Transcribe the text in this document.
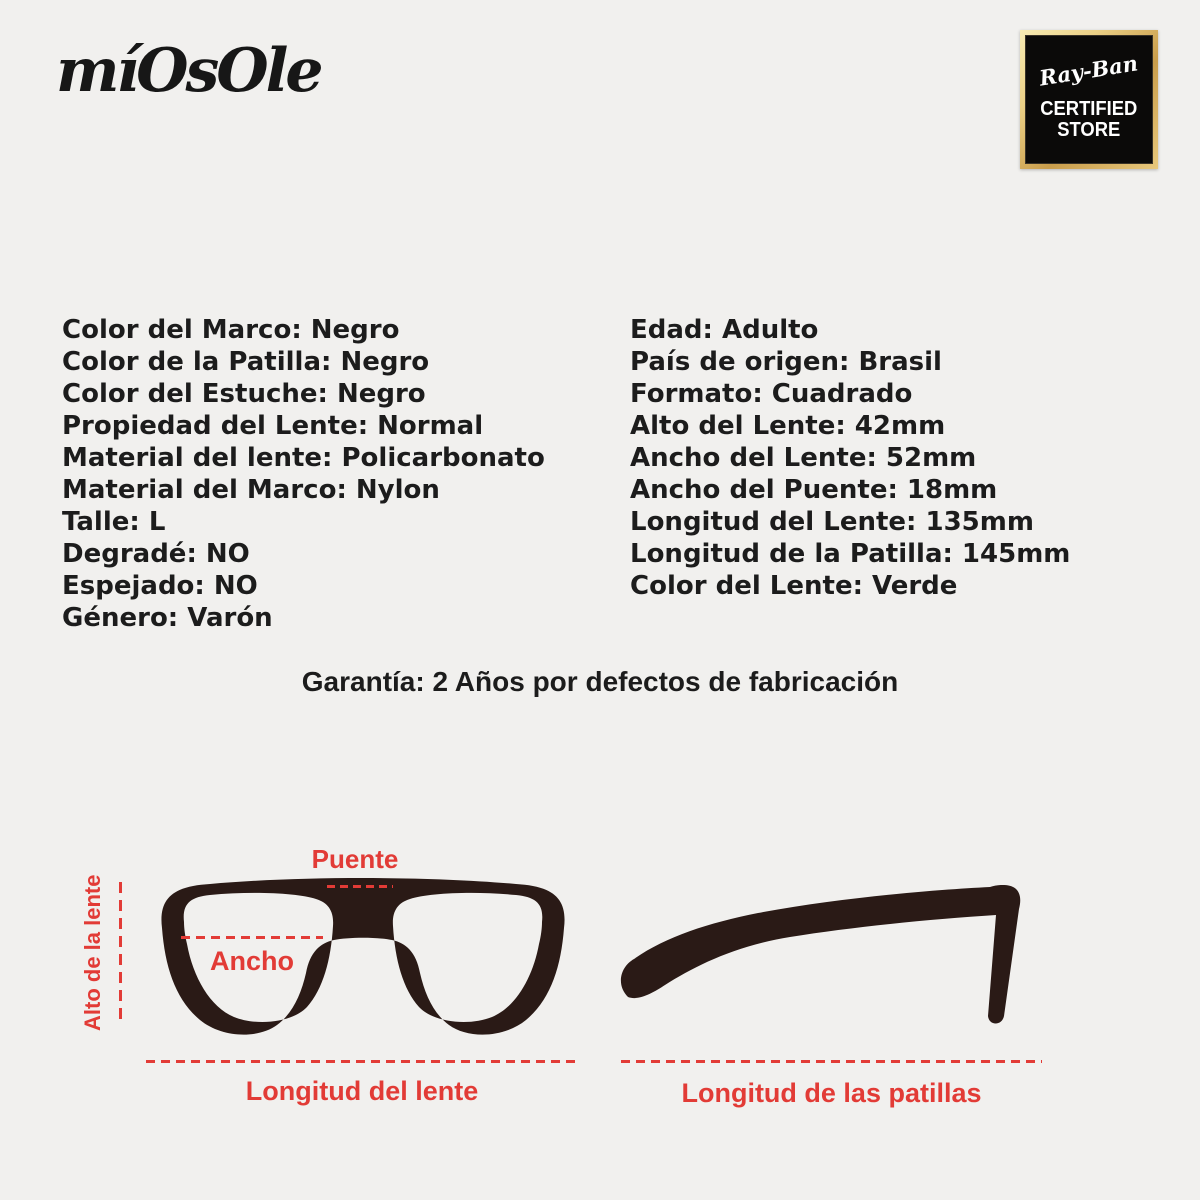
míOsOle	Ray-Ban
CERTIFIED
STORE
Color del Marco: Negro
Color de la Patilla: Negro
Color del Estuche: Negro
Propiedad del Lente: Normal
Material del lente: Policarbonato
Material del Marco: Nylon
Talle: L
Degradé: NO
Espejado: NO
Género: Varón
Edad: Adulto
País de origen: Brasil
Formato: Cuadrado
Alto del Lente: 42mm
Ancho del Lente: 52mm
Ancho del Puente: 18mm
Longitud del Lente: 135mm
Longitud de la Patilla: 145mm
Color del Lente: Verde
Garantía: 2 Años por defectos de fabricación
Puente
Alto de la lente	Ancho
Longitud del lente	Longitud de las patillas
